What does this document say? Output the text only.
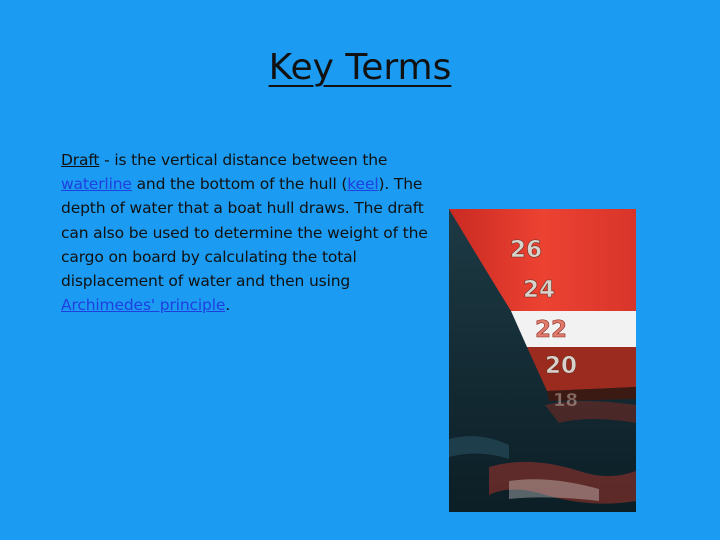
Key Terms

Draft - is the vertical distance between the waterline and the bottom of the hull (keel). The depth of water that a boat hull draws. The draft can also be used to determine the weight of the cargo on board by calculating the total displacement of water and then using Archimedes' principle.

26
24
22
20
18
